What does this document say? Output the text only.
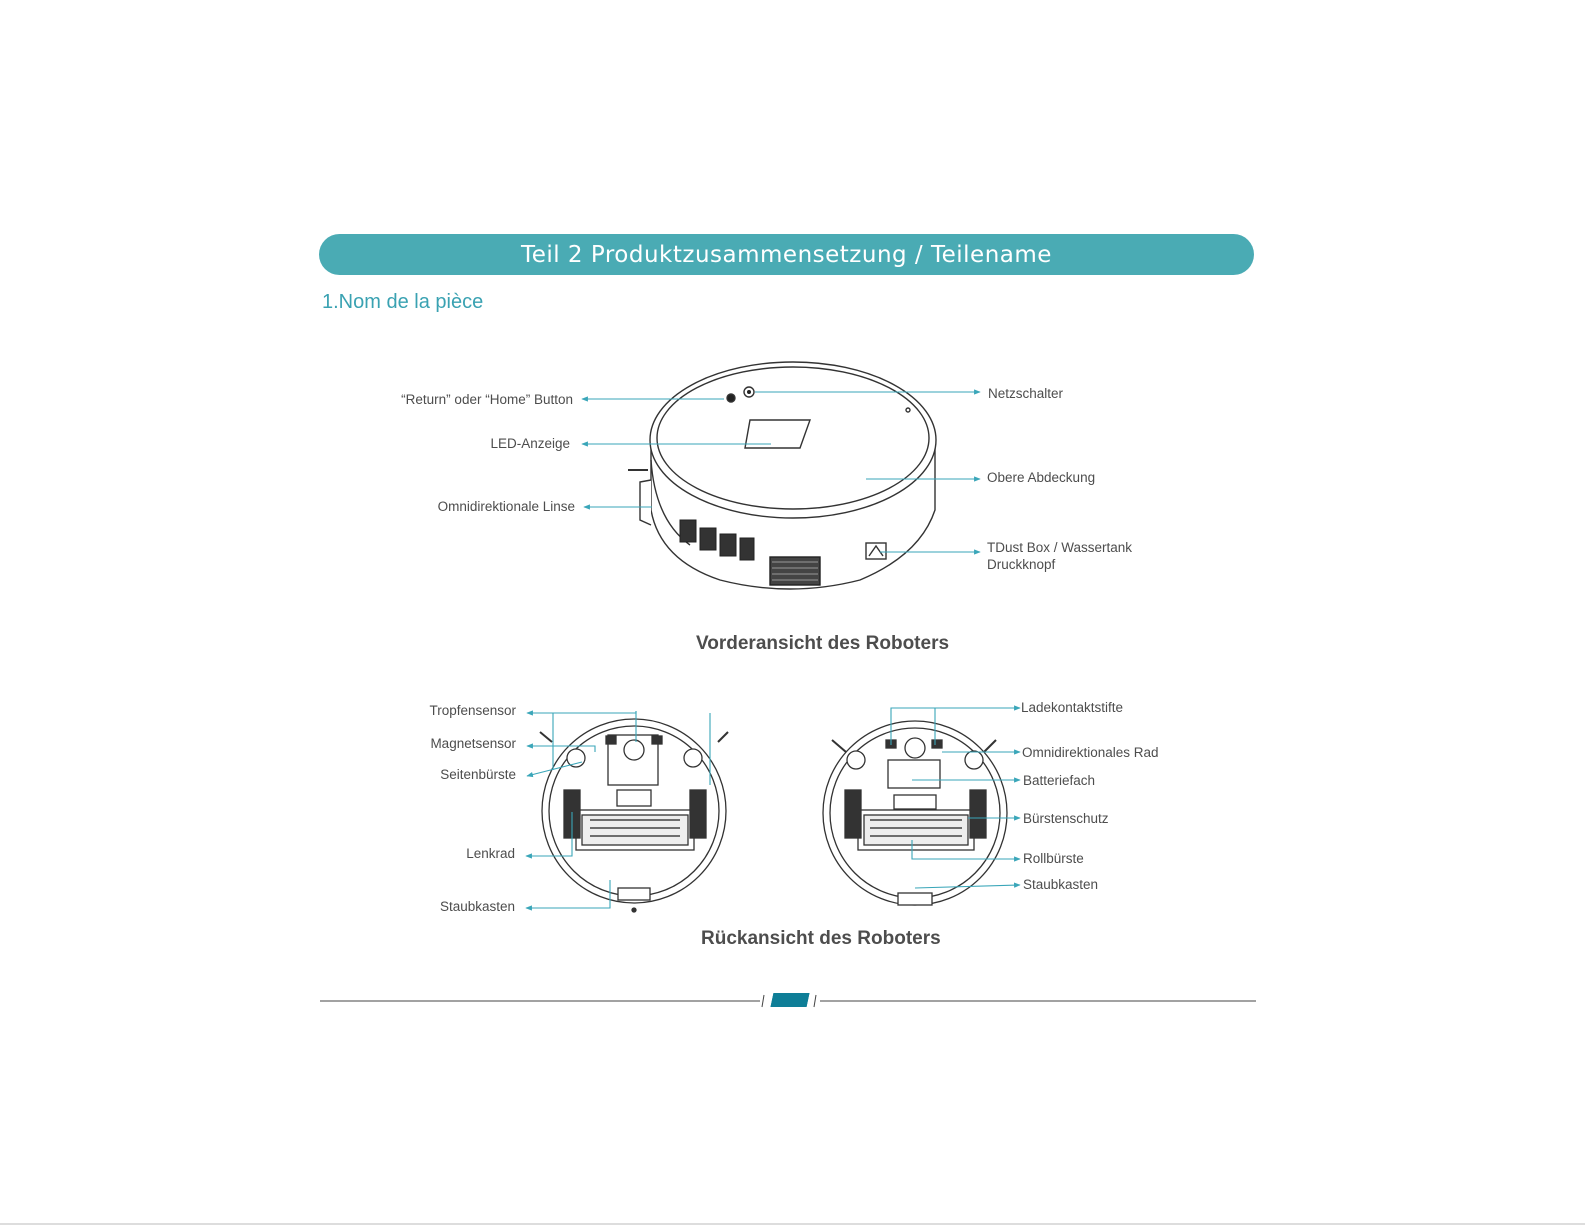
Teil 2 Produktzusammensetzung / Teilename
1.Nom de la pièce
“Return” oder “Home” Button
LED-Anzeige
Omnidirektionale Linse
Netzschalter
Obere Abdeckung
TDust Box / Wassertank
Druckknopf
Vorderansicht des Roboters
Tropfensensor
Magnetsensor
Seitenbürste
Lenkrad
Staubkasten
Ladekontaktstifte
Omnidirektionales Rad
Batteriefach
Bürstenschutz
Rollbürste
Staubkasten
Rückansicht des Roboters
